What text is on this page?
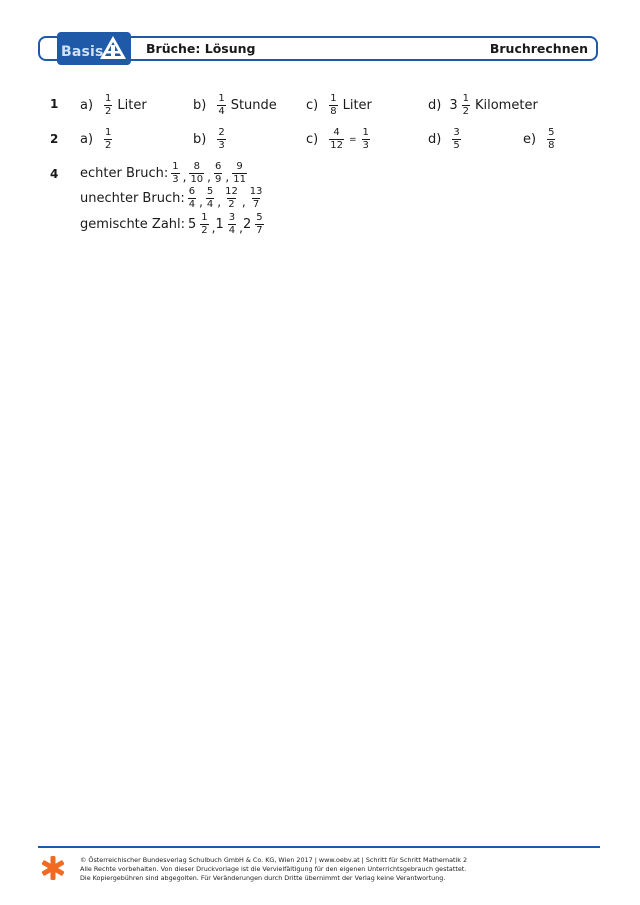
Basis	Brüche: Lösung	Bruchrechnen
1 $a) \frac{1}{2}$ Liter	$b) \frac{1}{4}$ Stunde $c) \frac{1}{8}$ Liter	d) $3 \frac{1}{2}$ Kilometer
2 $a) \frac{1}{2}$	$b) \frac{2}{3}$	$c) \frac{4}{12} = \frac{1}{3}$	$d) \frac{3}{5}$	$e) \frac{5}{8}$
4 echter Bruch: $\frac{1}{3}$ , $\frac{8}{10}$ , $\frac{6}{9}$ , $\frac{9}{11}$
unechter Bruch: $\frac{6}{4}$ , $\frac{5}{4}$ , $\frac{12}{2}$ , $\frac{13}{7}$
gemischte Zahl: $5 \frac{1}{2}$ , $1 \frac{3}{4}$ , $2 \frac{5}{7}$
© Österreichischer Bundesverlag Schulbuch GmbH & Co. KG, Wien 2017 | www.oebv.at | Schritt für Schritt Mathematik 2
Alle Rechte vorbehalten. Von dieser Druckvorlage ist die Vervielfältigung für den eigenen Unterrichtsgebrauch gestattet.
Die Kopiergebühren sind abgegolten. Für Veränderungen durch Dritte übernimmt der Verlag keine Verantwortung.
